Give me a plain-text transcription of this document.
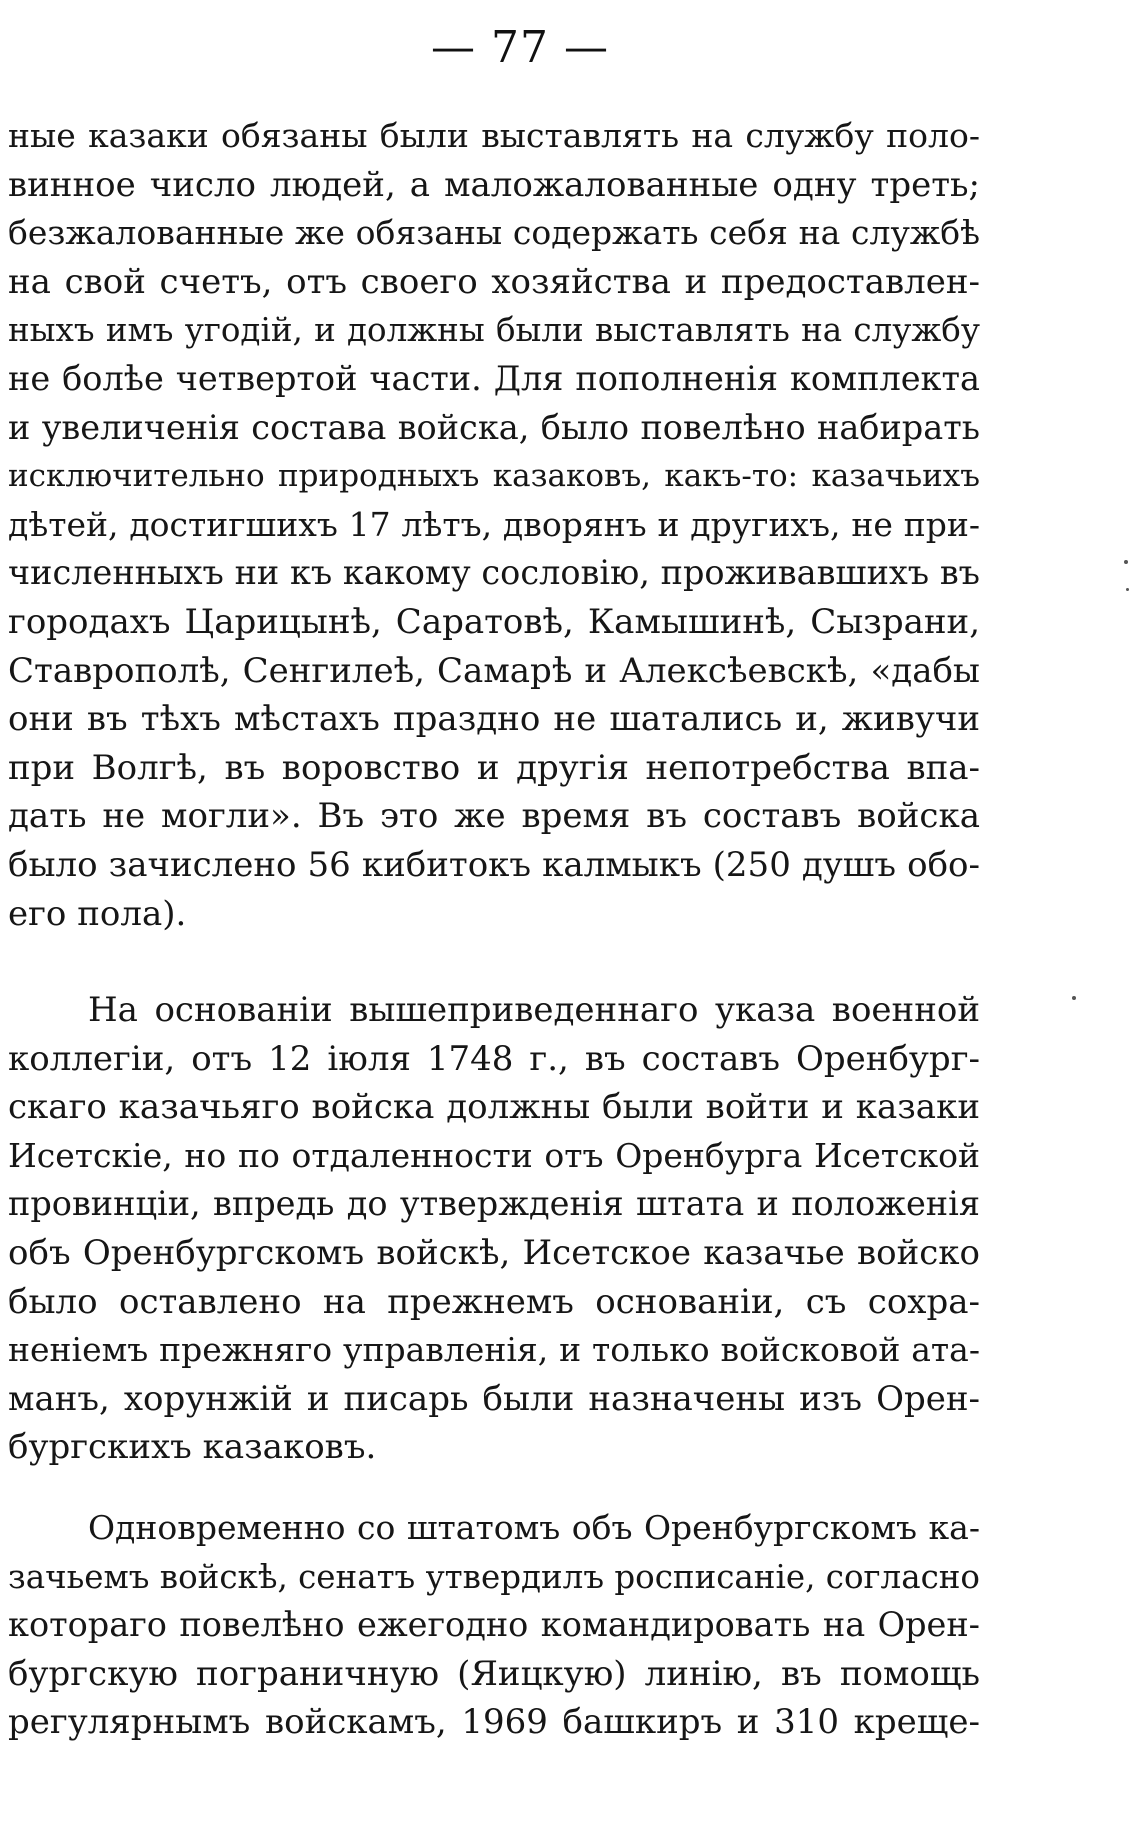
— 77 —
ные казаки обязаны были выставлять на службу поло-
винное число людей, а маложалованные одну треть;
безжалованные же обязаны содержать себя на службѣ
на свой счетъ, отъ своего хозяйства и предоставлен-
ныхъ имъ угодій, и должны были выставлять на службу
не болѣе четвертой части. Для пополненія комплекта
и увеличенія состава войска, было повелѣно набирать
исключительно природныхъ казаковъ, какъ-то: казачьихъ
дѣтей, достигшихъ 17 лѣтъ, дворянъ и другихъ, не при-
численныхъ ни къ какому сословію, проживавшихъ въ
городахъ Царицынѣ, Саратовѣ, Камышинѣ, Сызрани,
Ставрополѣ, Сенгилеѣ, Самарѣ и Алексѣевскѣ, «дабы
они въ тѣхъ мѣстахъ праздно не шатались и, живучи
при Волгѣ, въ воровство и другія непотребства впа-
дать не могли». Въ это же время въ составъ войска
было зачислено 56 кибитокъ калмыкъ (250 душъ обо-
его пола).
На основаніи вышеприведеннаго указа военной
коллегіи, отъ 12 іюля 1748 г., въ составъ Оренбург-
скаго казачьяго войска должны были войти и казаки
Исетскіе, но по отдаленности отъ Оренбурга Исетской
провинціи, впредь до утвержденія штата и положенія
объ Оренбургскомъ войскѣ, Исетское казачье войско
было оставлено на прежнемъ основаніи, съ сохра-
неніемъ прежняго управленія, и только войсковой ата-
манъ, хорунжій и писарь были назначены изъ Орен-
бургскихъ казаковъ.
Одновременно со штатомъ объ Оренбургскомъ ка-
зачьемъ войскѣ, сенатъ утвердилъ росписаніе, согласно
котораго повелѣно ежегодно командировать на Орен-
бургскую пограничную (Яицкую) линію, въ помощь
регулярнымъ войскамъ, 1969 башкиръ и 310 креще-
